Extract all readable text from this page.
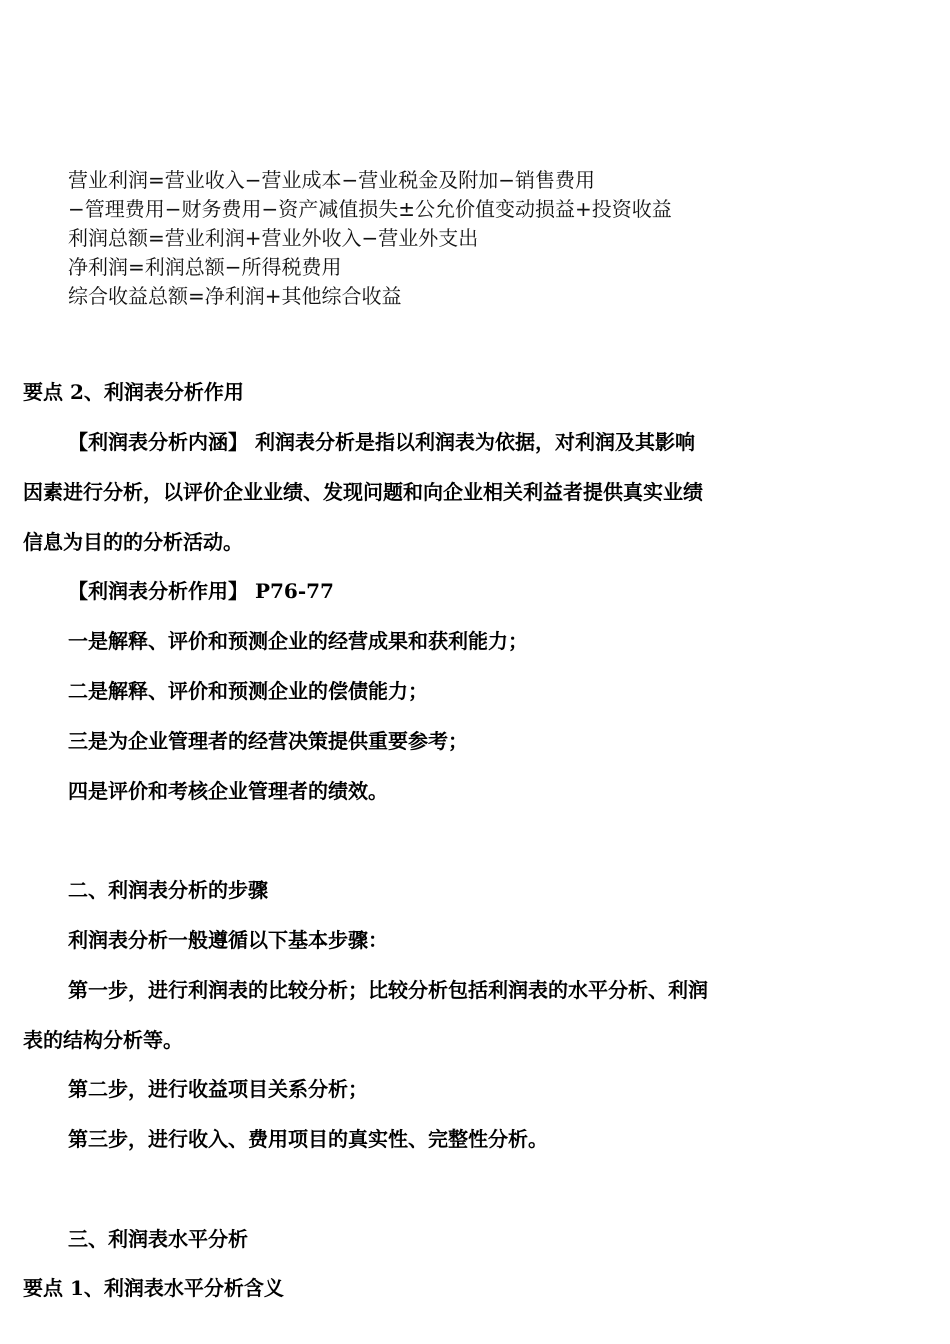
营业利润=营业收入−营业成本−营业税金及附加−销售费用
−管理费用−财务费用−资产减值损失±公允价值变动损益+投资收益
利润总额=营业利润+营业外收入−营业外支出
净利润=利润总额−所得税费用
综合收益总额=净利润+其他综合收益
要点 2、利润表分析作用
【利润表分析内涵】 利润表分析是指以利润表为依据，对利润及其影响
因素进行分析，以评价企业业绩、发现问题和向企业相关利益者提供真实业绩
信息为目的的分析活动。
【利润表分析作用】 P76-77
一是解释、评价和预测企业的经营成果和获利能力；
二是解释、评价和预测企业的偿债能力；
三是为企业管理者的经营决策提供重要参考；
四是评价和考核企业管理者的绩效。
二、利润表分析的步骤
利润表分析一般遵循以下基本步骤：
第一步，进行利润表的比较分析；比较分析包括利润表的水平分析、利润
表的结构分析等。
第二步，进行收益项目关系分析；
第三步，进行收入、费用项目的真实性、完整性分析。
三、利润表水平分析
要点 1、利润表水平分析含义
